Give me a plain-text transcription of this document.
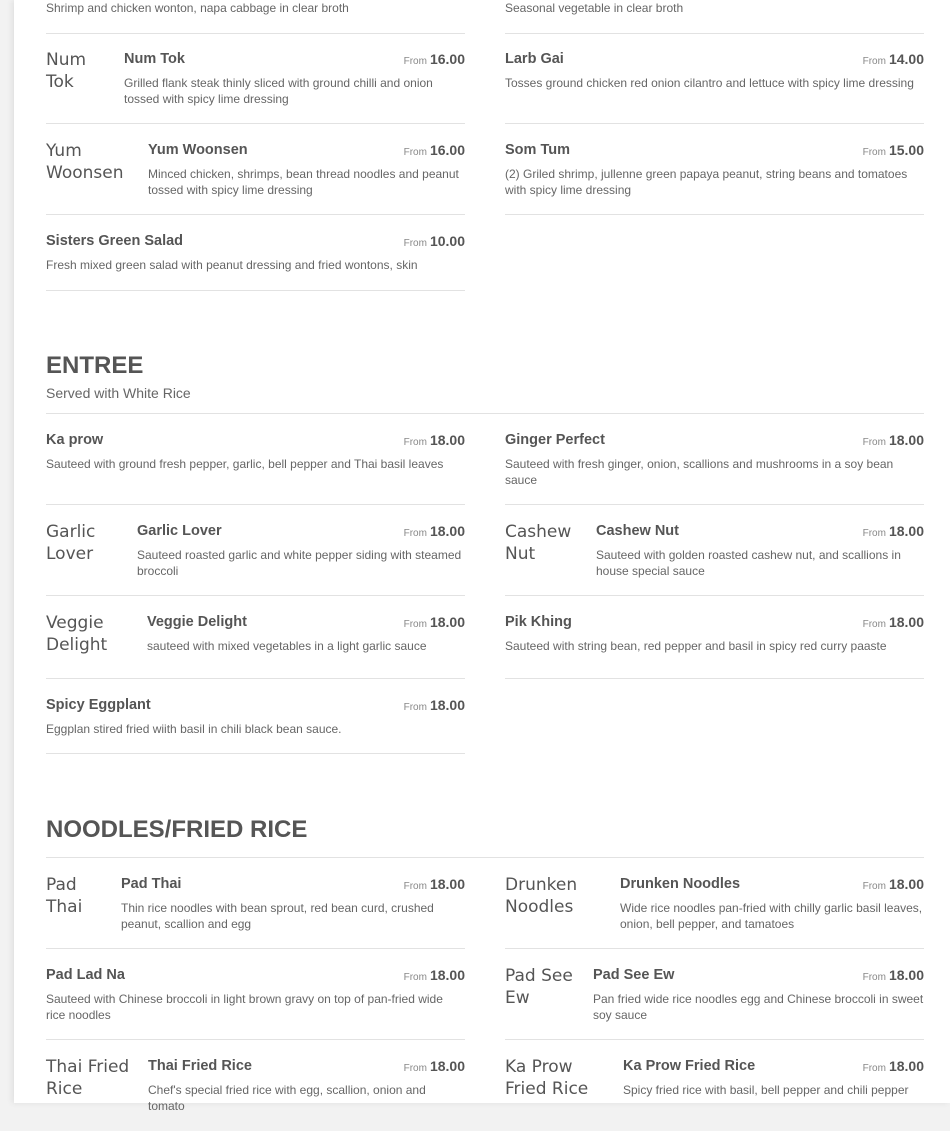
Shrimp and chicken wonton, napa cabbage in clear broth	Seasonal vegetable in clear broth
Num Tok
Num Tok	From 16.00
Grilled flank steak thinly sliced with ground chilli and onion tossed with spicy lime dressing
Larb Gai	From 14.00
Tosses ground chicken red onion cilantro and lettuce with spicy lime dressing
Yum Woonsen
Yum Woonsen	From 16.00
Minced chicken, shrimps, bean thread noodles and peanut tossed with spicy lime dressing
Som Tum	From 15.00
(2) Griled shrimp, jullenne green papaya peanut, string beans and tomatoes with spicy lime dressing
Sisters Green Salad	From 10.00
Fresh mixed green salad with peanut dressing and fried wontons, skin
ENTREE
Served with White Rice
Ka prow	From 18.00
Sauteed with ground fresh pepper, garlic, bell pepper and Thai basil leaves
Ginger Perfect	From 18.00
Sauteed with fresh ginger, onion, scallions and mushrooms in a soy bean sauce
Garlic Lover
Garlic Lover	From 18.00
Sauteed roasted garlic and white pepper siding with steamed broccoli
Cashew Nut
Cashew Nut	From 18.00
Sauteed with golden roasted cashew nut, and scallions in house special sauce
Veggie Delight
Veggie Delight	From 18.00
sauteed with mixed vegetables in a light garlic sauce
Pik Khing	From 18.00
Sauteed with string bean, red pepper and basil in spicy red curry paaste
Spicy Eggplant	From 18.00
Eggplan stired fried wiith basil in chili black bean sauce.
NOODLES/FRIED RICE
Pad Thai
Pad Thai	From 18.00
Thin rice noodles with bean sprout, red bean curd, crushed peanut, scallion and egg
Drunken Noodles
Drunken Noodles	From 18.00
Wide rice noodles pan-fried with chilly garlic basil leaves, onion, bell pepper, and tamatoes
Pad Lad Na	From 18.00
Sauteed with Chinese broccoli in light brown gravy on top of pan-fried wide rice noodles
Pad See Ew
Pad See Ew	From 18.00
Pan fried wide rice noodles egg and Chinese broccoli in sweet soy sauce
Thai Fried Rice
Thai Fried Rice	From 18.00
Chef's special fried rice with egg, scallion, onion and tomato
Ka Prow Fried Rice
Ka Prow Fried Rice	From 18.00
Spicy fried rice with basil, bell pepper and chili pepper
